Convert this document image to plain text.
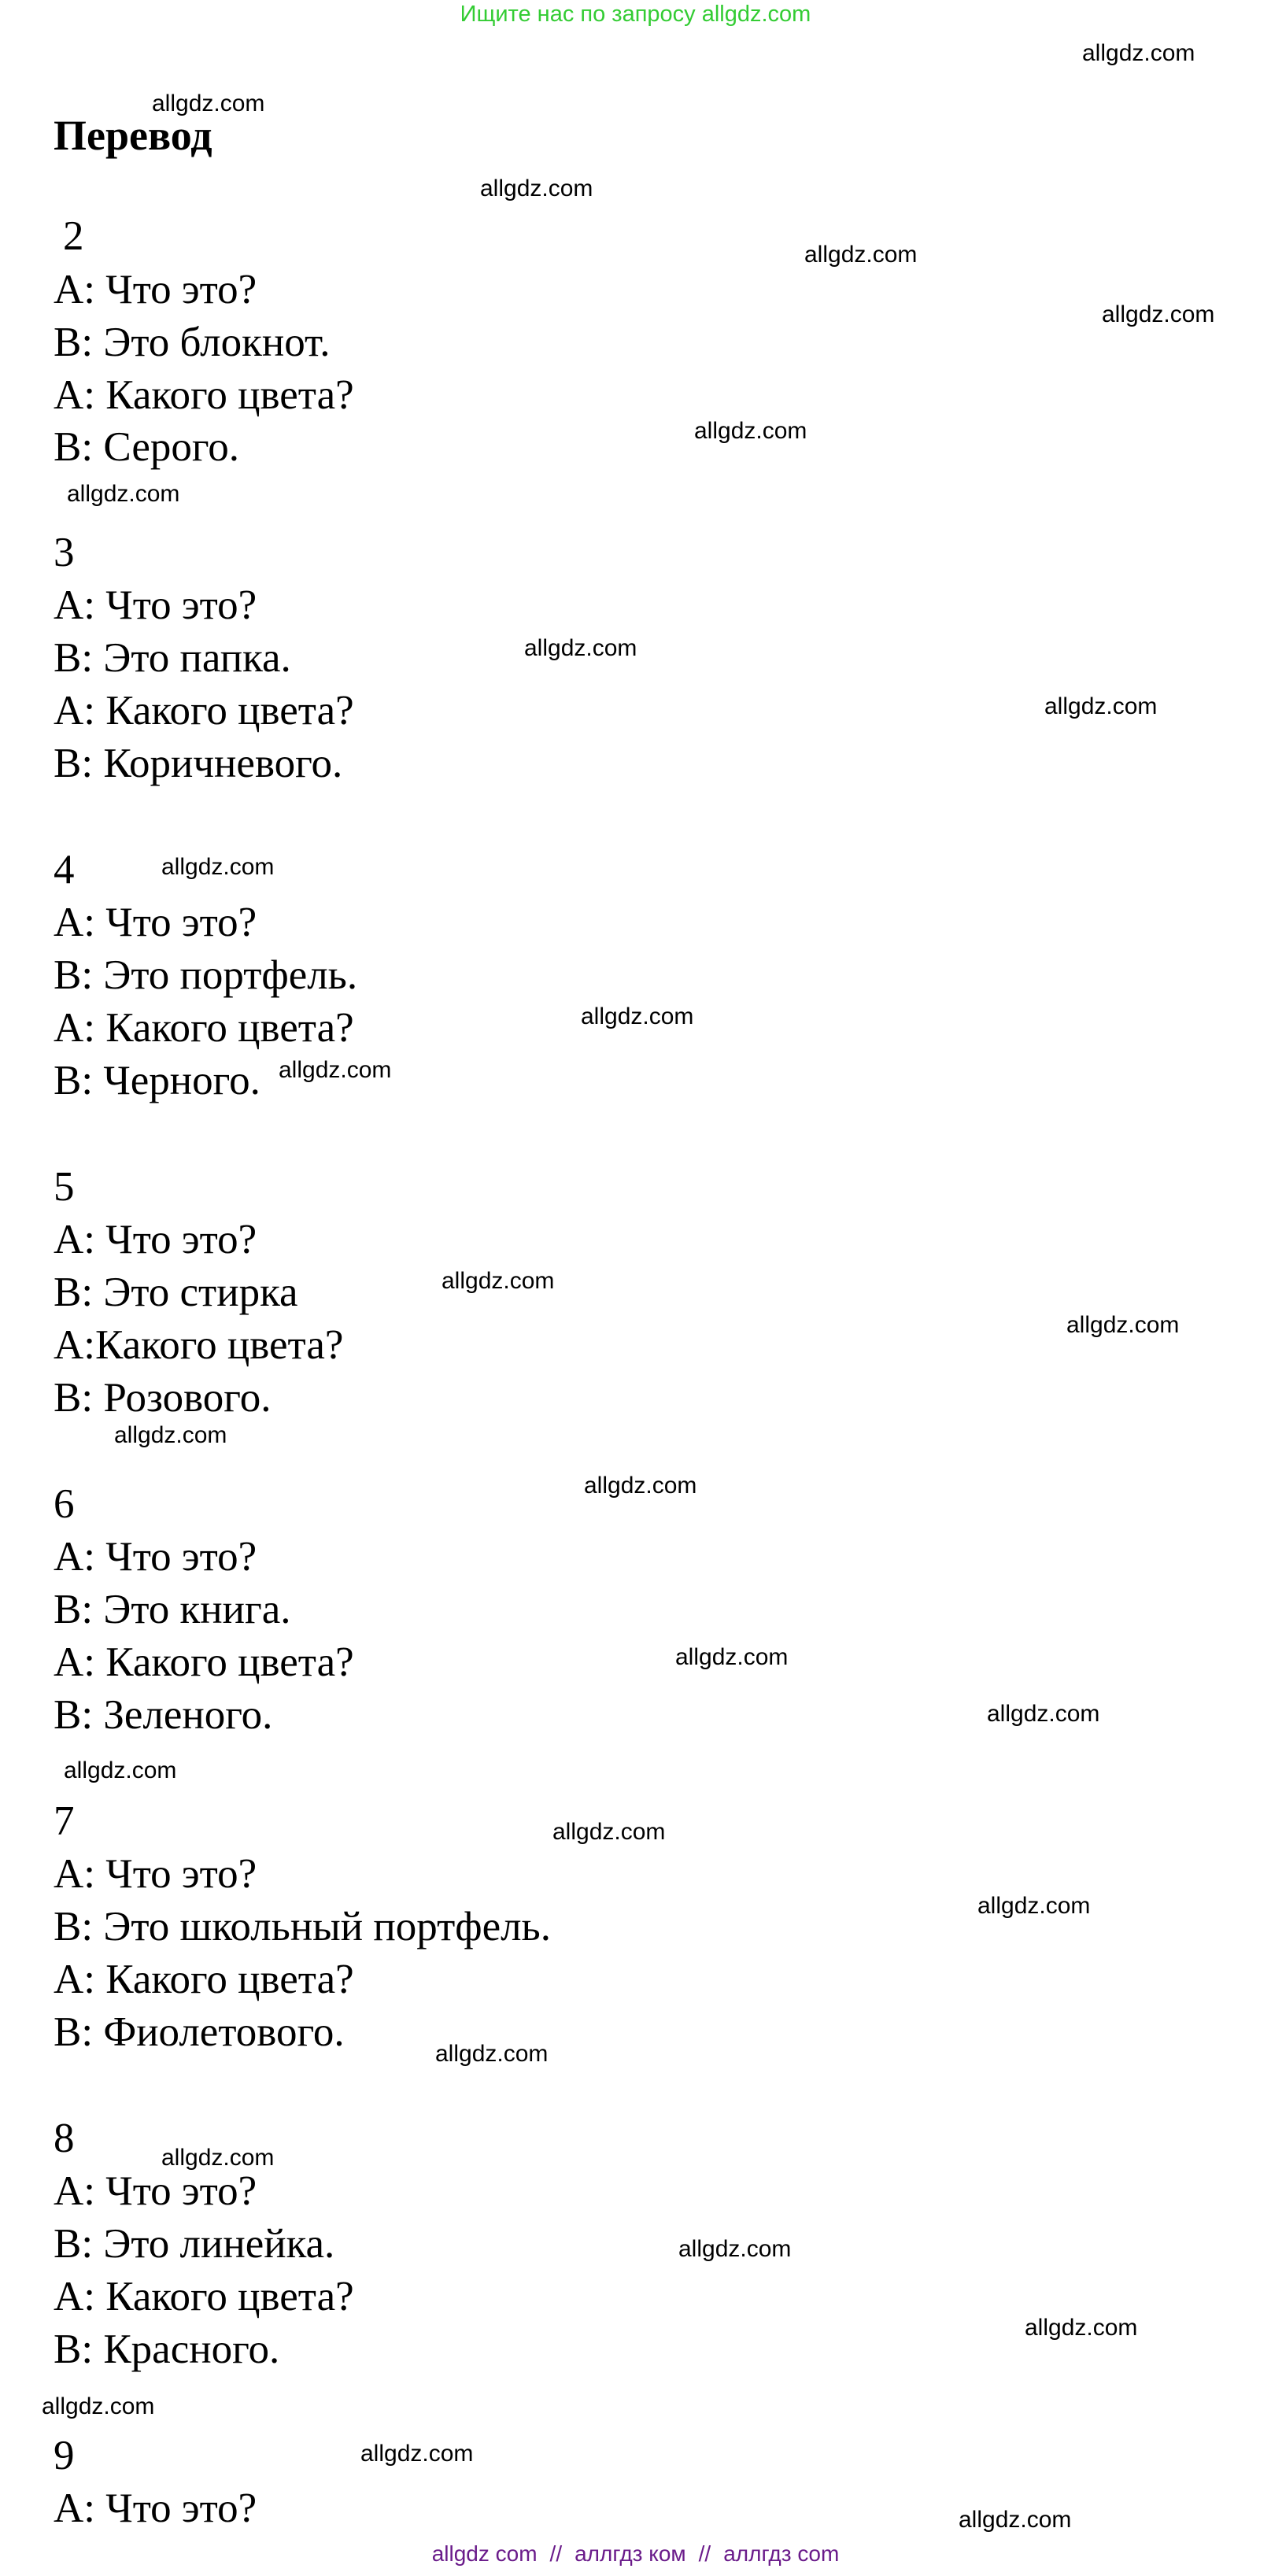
Ищите нас по запросу allgdz.com
Перевод
2
A: Что это?
B: Это блокнот.
A: Какого цвета?
B: Серого.
3
A: Что это?
B: Это папка.
A: Какого цвета?
B: Коричневого.
4
A: Что это?
B: Это портфель.
A: Какого цвета?
B: Черного.
5
A: Что это?
B: Это стирка
A:Какого цвета?
B: Розового.
6
A: Что это?
B: Это книга.
A: Какого цвета?
B: Зеленого.
7
A: Что это?
B: Это школьный портфель.
A: Какого цвета?
B: Фиолетового.
8
A: Что это?
B: Это линейка.
A: Какого цвета?
B: Красного.
9
A: Что это?
allgdz.com
allgdz.com
allgdz.com
allgdz.com
allgdz.com
allgdz.com
allgdz.com
allgdz.com
allgdz.com
allgdz.com
allgdz.com
allgdz.com
allgdz.com
allgdz.com
allgdz.com
allgdz.com
allgdz.com
allgdz.com
allgdz.com
allgdz.com
allgdz.com
allgdz.com
allgdz.com
allgdz.com
allgdz.com
allgdz.com
allgdz.com
allgdz.com
allgdz com // аллгдз ком // аллгдз com
